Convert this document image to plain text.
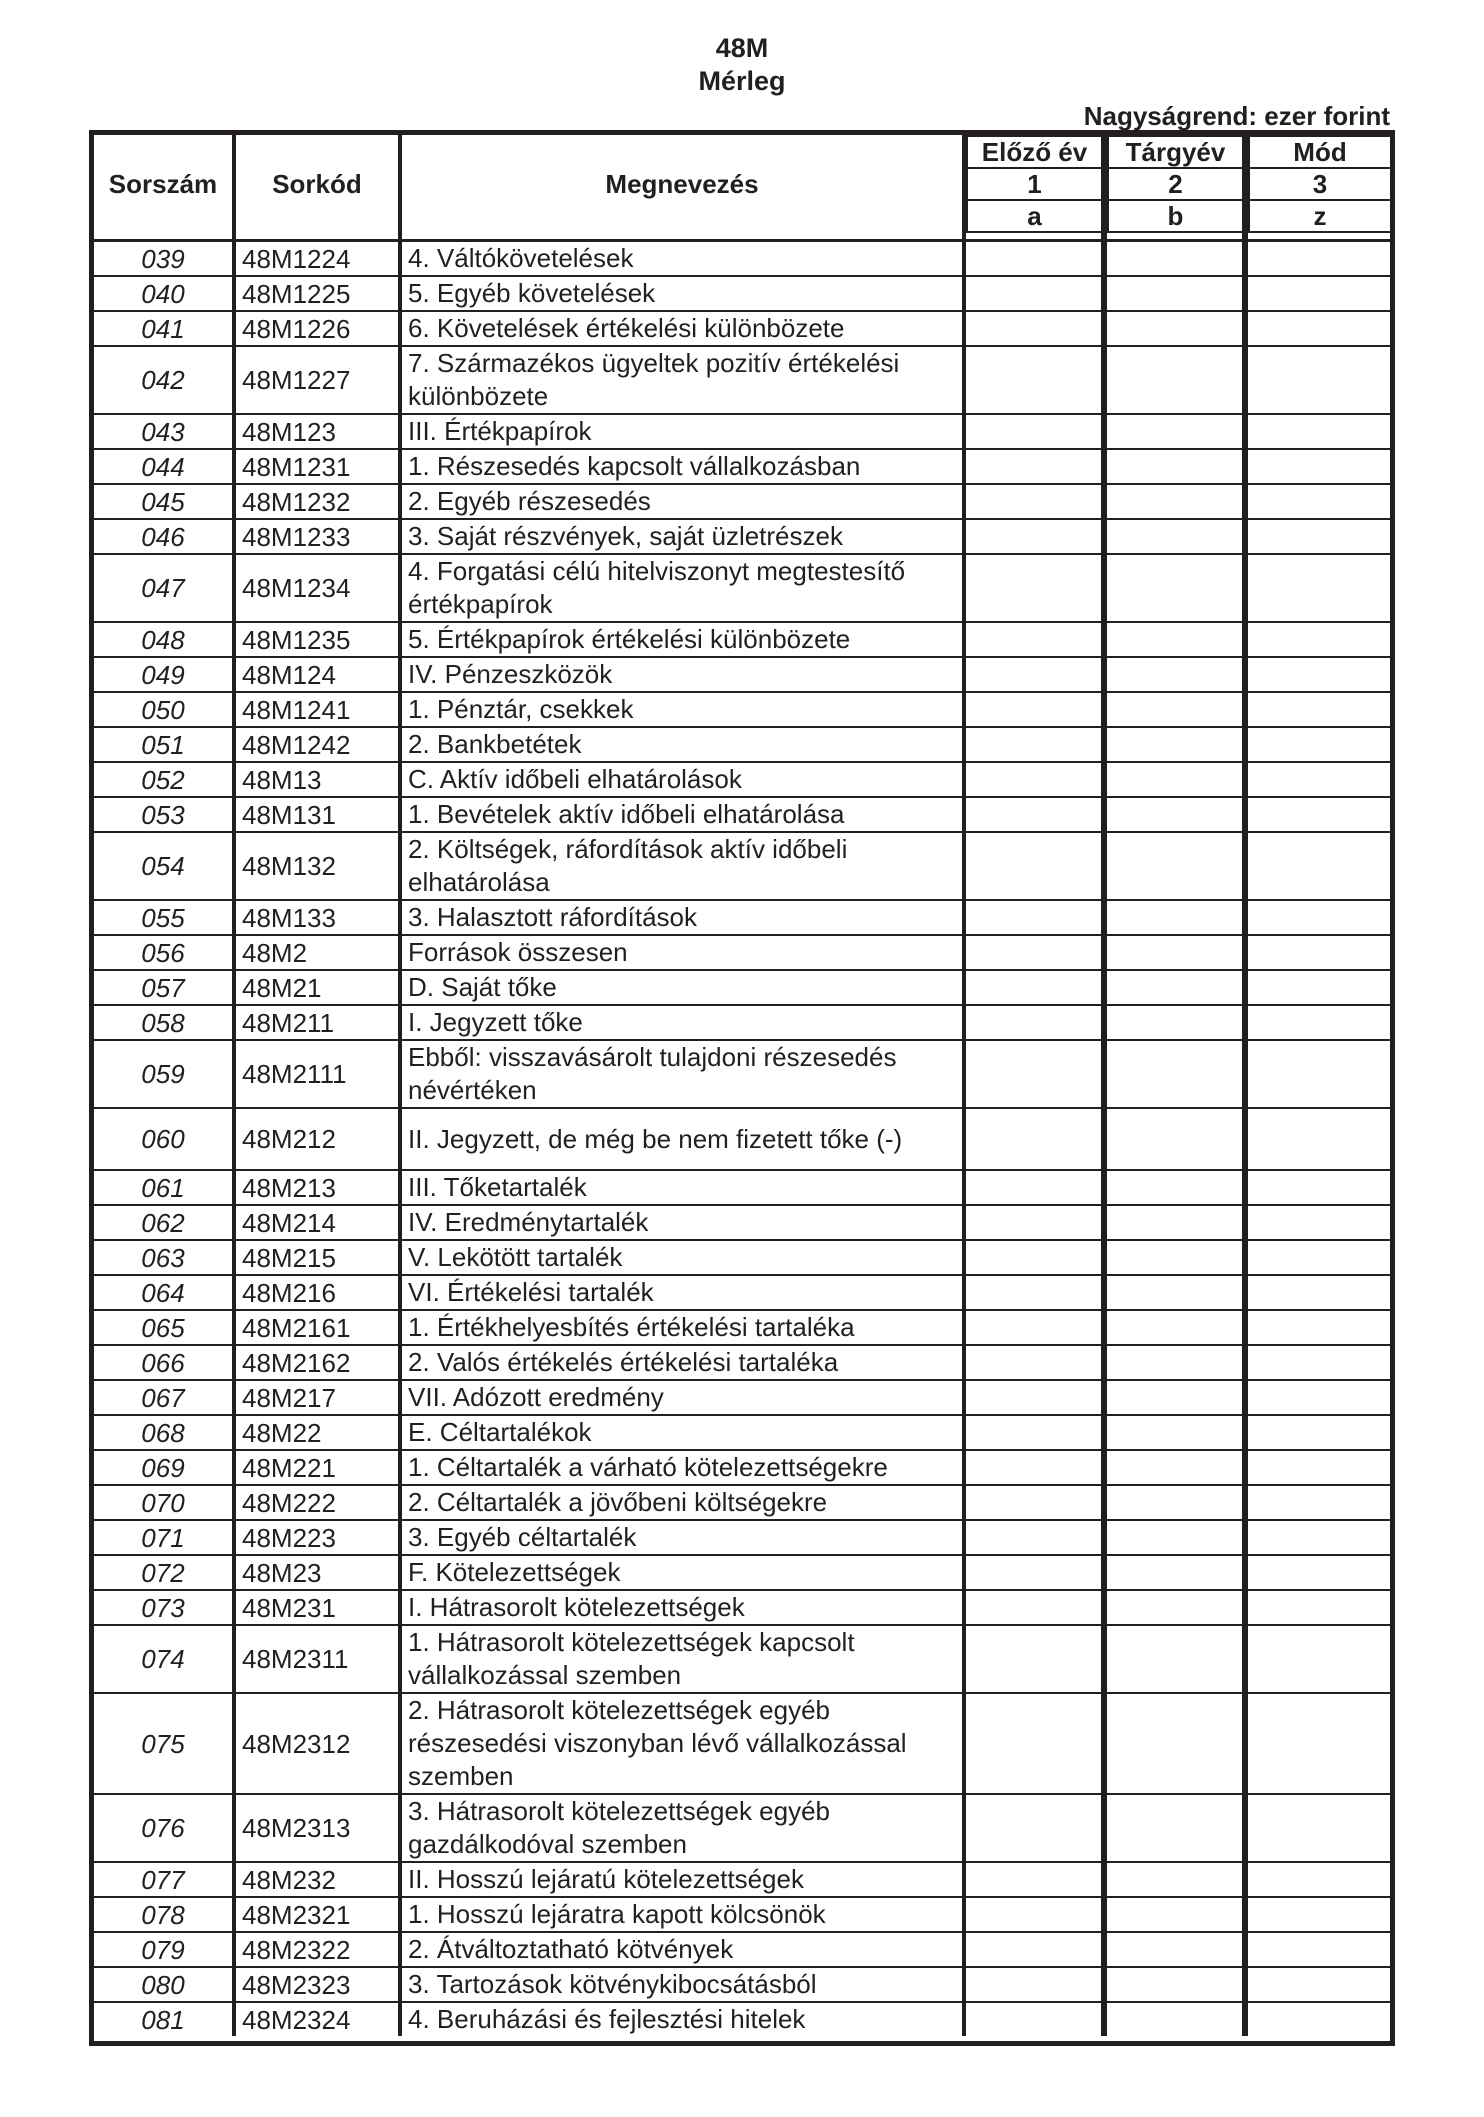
48M
Mérleg
Nagyságrend: ezer forint
Sorszám	Sorkód	Megnevezés	Előző év		Tárgyév		Mód
			1		2		3
			a		b		z

039	48M1224	4. Váltókövetelések					
040	48M1225	5. Egyéb követelések					
041	48M1226	6. Követelések értékelési különbözete					
042	48M1227	7. Származékos ügyeltek pozitív értékelési különbözete					
043	48M123	III. Értékpapírok					
044	48M1231	1. Részesedés kapcsolt vállalkozásban					
045	48M1232	2. Egyéb részesedés					
046	48M1233	3. Saját részvények, saját üzletrészek					
047	48M1234	4. Forgatási célú hitelviszonyt megtestesítő értékpapírok					
048	48M1235	5. Értékpapírok értékelési különbözete					
049	48M124	IV. Pénzeszközök					
050	48M1241	1. Pénztár, csekkek					
051	48M1242	2. Bankbetétek					
052	48M13	C. Aktív időbeli elhatárolások					
053	48M131	1. Bevételek aktív időbeli elhatárolása					
054	48M132	2. Költségek, ráfordítások aktív időbeli elhatárolása					
055	48M133	3. Halasztott ráfordítások					
056	48M2	Források összesen					
057	48M21	D. Saját tőke					
058	48M211	I. Jegyzett tőke					
059	48M2111	Ebből: visszavásárolt tulajdoni részesedés névértéken					
060	48M212	II. Jegyzett, de még be nem fizetett tőke (-)					
061	48M213	III. Tőketartalék					
062	48M214	IV. Eredménytartalék					
063	48M215	V. Lekötött tartalék					
064	48M216	VI. Értékelési tartalék					
065	48M2161	1. Értékhelyesbítés értékelési tartaléka					
066	48M2162	2. Valós értékelés értékelési tartaléka					
067	48M217	VII. Adózott eredmény					
068	48M22	E. Céltartalékok					
069	48M221	1. Céltartalék a várható kötelezettségekre					
070	48M222	2. Céltartalék a jövőbeni költségekre					
071	48M223	3. Egyéb céltartalék					
072	48M23	F. Kötelezettségek					
073	48M231	I. Hátrasorolt kötelezettségek					
074	48M2311	1. Hátrasorolt kötelezettségek kapcsolt vállalkozással szemben					
075	48M2312	2. Hátrasorolt kötelezettségek egyéb részesedési viszonyban lévő vállalkozással szemben					
076	48M2313	3. Hátrasorolt kötelezettségek egyéb gazdálkodóval szemben					
077	48M232	II. Hosszú lejáratú kötelezettségek					
078	48M2321	1. Hosszú lejáratra kapott kölcsönök					
079	48M2322	2. Átváltoztatható kötvények					
080	48M2323	3. Tartozások kötvénykibocsátásból					
081	48M2324	4. Beruházási és fejlesztési hitelek					
